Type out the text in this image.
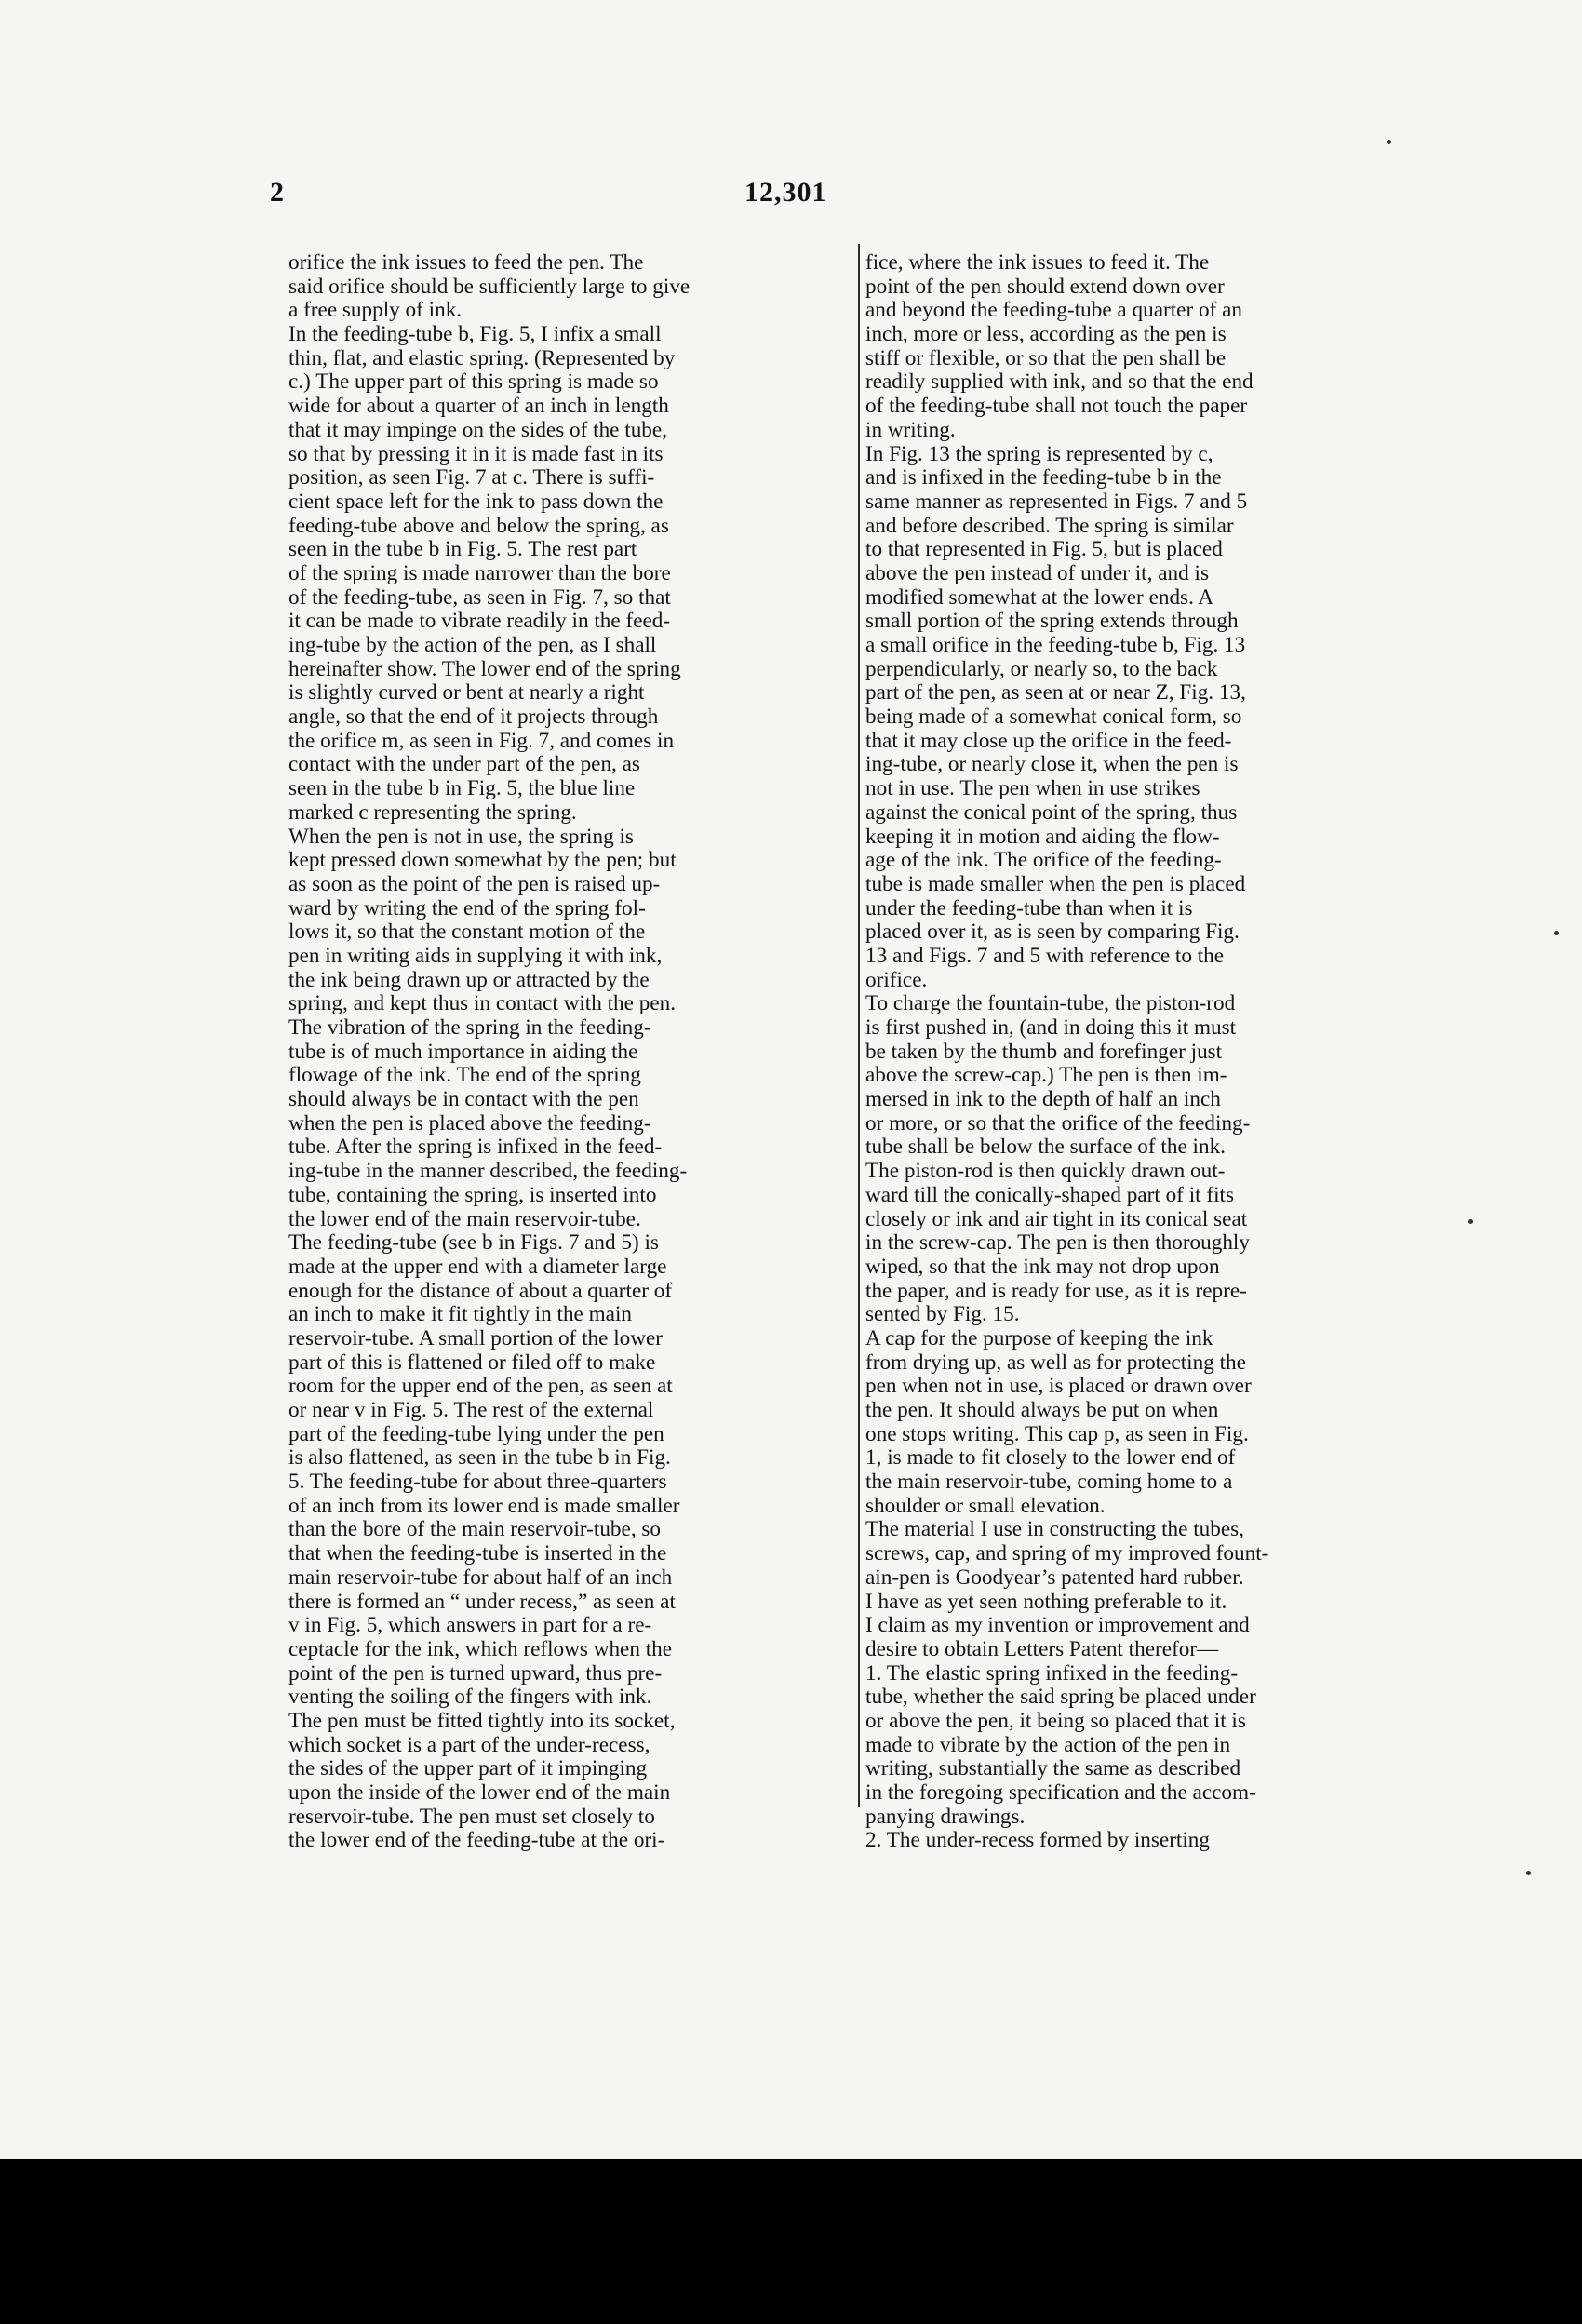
2	12,301
orifice the ink issues to feed the pen. The
said orifice should be sufficiently large to give
a free supply of ink.
In the feeding-tube b, Fig. 5, I infix a small
thin, flat, and elastic spring. (Represented by
c.) The upper part of this spring is made so
wide for about a quarter of an inch in length
that it may impinge on the sides of the tube,
so that by pressing it in it is made fast in its
position, as seen Fig. 7 at c. There is suffi-
cient space left for the ink to pass down the
feeding-tube above and below the spring, as
seen in the tube b in Fig. 5. The rest part
of the spring is made narrower than the bore
of the feeding-tube, as seen in Fig. 7, so that
it can be made to vibrate readily in the feed-
ing-tube by the action of the pen, as I shall
hereinafter show. The lower end of the spring
is slightly curved or bent at nearly a right
angle, so that the end of it projects through
the orifice m, as seen in Fig. 7, and comes in
contact with the under part of the pen, as
seen in the tube b in Fig. 5, the blue line
marked c representing the spring.
When the pen is not in use, the spring is
kept pressed down somewhat by the pen; but
as soon as the point of the pen is raised up-
ward by writing the end of the spring fol-
lows it, so that the constant motion of the
pen in writing aids in supplying it with ink,
the ink being drawn up or attracted by the
spring, and kept thus in contact with the pen.
The vibration of the spring in the feeding-
tube is of much importance in aiding the
flowage of the ink. The end of the spring
should always be in contact with the pen
when the pen is placed above the feeding-
tube. After the spring is infixed in the feed-
ing-tube in the manner described, the feeding-
tube, containing the spring, is inserted into
the lower end of the main reservoir-tube.
The feeding-tube (see b in Figs. 7 and 5) is
made at the upper end with a diameter large
enough for the distance of about a quarter of
an inch to make it fit tightly in the main
reservoir-tube. A small portion of the lower
part of this is flattened or filed off to make
room for the upper end of the pen, as seen at
or near v in Fig. 5. The rest of the external
part of the feeding-tube lying under the pen
is also flattened, as seen in the tube b in Fig.
5. The feeding-tube for about three-quarters
of an inch from its lower end is made smaller
than the bore of the main reservoir-tube, so
that when the feeding-tube is inserted in the
main reservoir-tube for about half of an inch
there is formed an “ under recess,” as seen at
v in Fig. 5, which answers in part for a re-
ceptacle for the ink, which reflows when the
point of the pen is turned upward, thus pre-
venting the soiling of the fingers with ink.
The pen must be fitted tightly into its socket,
which socket is a part of the under-recess,
the sides of the upper part of it impinging
upon the inside of the lower end of the main
reservoir-tube. The pen must set closely to
the lower end of the feeding-tube at the ori-
fice, where the ink issues to feed it. The
point of the pen should extend down over
and beyond the feeding-tube a quarter of an
inch, more or less, according as the pen is
stiff or flexible, or so that the pen shall be
readily supplied with ink, and so that the end
of the feeding-tube shall not touch the paper
in writing.
In Fig. 13 the spring is represented by c,
and is infixed in the feeding-tube b in the
same manner as represented in Figs. 7 and 5
and before described. The spring is similar
to that represented in Fig. 5, but is placed
above the pen instead of under it, and is
modified somewhat at the lower ends. A
small portion of the spring extends through
a small orifice in the feeding-tube b, Fig. 13
perpendicularly, or nearly so, to the back
part of the pen, as seen at or near Z, Fig. 13,
being made of a somewhat conical form, so
that it may close up the orifice in the feed-
ing-tube, or nearly close it, when the pen is
not in use. The pen when in use strikes
against the conical point of the spring, thus
keeping it in motion and aiding the flow-
age of the ink. The orifice of the feeding-
tube is made smaller when the pen is placed
under the feeding-tube than when it is
placed over it, as is seen by comparing Fig.
13 and Figs. 7 and 5 with reference to the
orifice.
To charge the fountain-tube, the piston-rod
is first pushed in, (and in doing this it must
be taken by the thumb and forefinger just
above the screw-cap.) The pen is then im-
mersed in ink to the depth of half an inch
or more, or so that the orifice of the feeding-
tube shall be below the surface of the ink.
The piston-rod is then quickly drawn out-
ward till the conically-shaped part of it fits
closely or ink and air tight in its conical seat
in the screw-cap. The pen is then thoroughly
wiped, so that the ink may not drop upon
the paper, and is ready for use, as it is repre-
sented by Fig. 15.
A cap for the purpose of keeping the ink
from drying up, as well as for protecting the
pen when not in use, is placed or drawn over
the pen. It should always be put on when
one stops writing. This cap p, as seen in Fig.
1, is made to fit closely to the lower end of
the main reservoir-tube, coming home to a
shoulder or small elevation.
The material I use in constructing the tubes,
screws, cap, and spring of my improved fount-
ain-pen is Goodyear’s patented hard rubber.
I have as yet seen nothing preferable to it.
I claim as my invention or improvement and
desire to obtain Letters Patent therefor—
1. The elastic spring infixed in the feeding-
tube, whether the said spring be placed under
or above the pen, it being so placed that it is
made to vibrate by the action of the pen in
writing, substantially the same as described
in the foregoing specification and the accom-
panying drawings.
2. The under-recess formed by inserting
